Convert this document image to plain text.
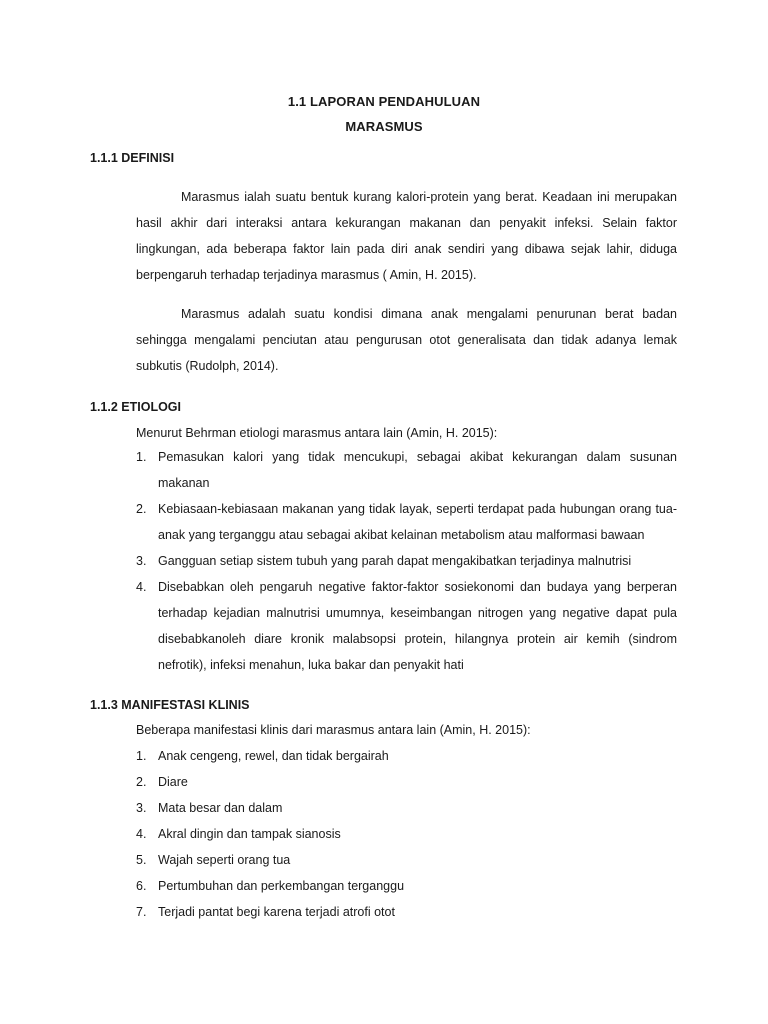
1.1 LAPORAN PENDAHULUAN
MARASMUS
1.1.1 DEFINISI

Marasmus ialah suatu bentuk kurang kalori-protein yang berat. Keadaan ini merupakan hasil akhir dari interaksi antara kekurangan makanan dan penyakit infeksi. Selain faktor lingkungan, ada beberapa faktor lain pada diri anak sendiri yang dibawa sejak lahir, diduga berpengaruh terhadap terjadinya marasmus ( Amin, H. 2015).

Marasmus adalah suatu kondisi dimana anak mengalami penurunan berat badan sehingga mengalami penciutan atau pengurusan otot generalisata dan tidak adanya lemak subkutis (Rudolph, 2014).

1.1.2 ETIOLOGI
Menurut Behrman etiologi marasmus antara lain (Amin, H. 2015):
1. Pemasukan kalori yang tidak mencukupi, sebagai akibat kekurangan dalam susunan makanan
2. Kebiasaan-kebiasaan makanan yang tidak layak, seperti terdapat pada hubungan orang tua-anak yang terganggu atau sebagai akibat kelainan metabolism atau malformasi bawaan
3. Gangguan setiap sistem tubuh yang parah dapat mengakibatkan terjadinya malnutrisi
4. Disebabkan oleh pengaruh negative faktor-faktor sosiekonomi dan budaya yang berperan terhadap kejadian malnutrisi umumnya, keseimbangan nitrogen yang negative dapat pula disebabkanoleh diare kronik malabsopsi protein, hilangnya protein air kemih (sindrom nefrotik), infeksi menahun, luka bakar dan penyakit hati
1.1.3 MANIFESTASI KLINIS
Beberapa manifestasi klinis dari marasmus antara lain (Amin, H. 2015):
1. Anak cengeng, rewel, dan tidak bergairah
2. Diare
3. Mata besar dan dalam
4. Akral dingin dan tampak sianosis
5. Wajah seperti orang tua
6. Pertumbuhan dan perkembangan terganggu
7. Terjadi pantat begi karena terjadi atrofi otot
